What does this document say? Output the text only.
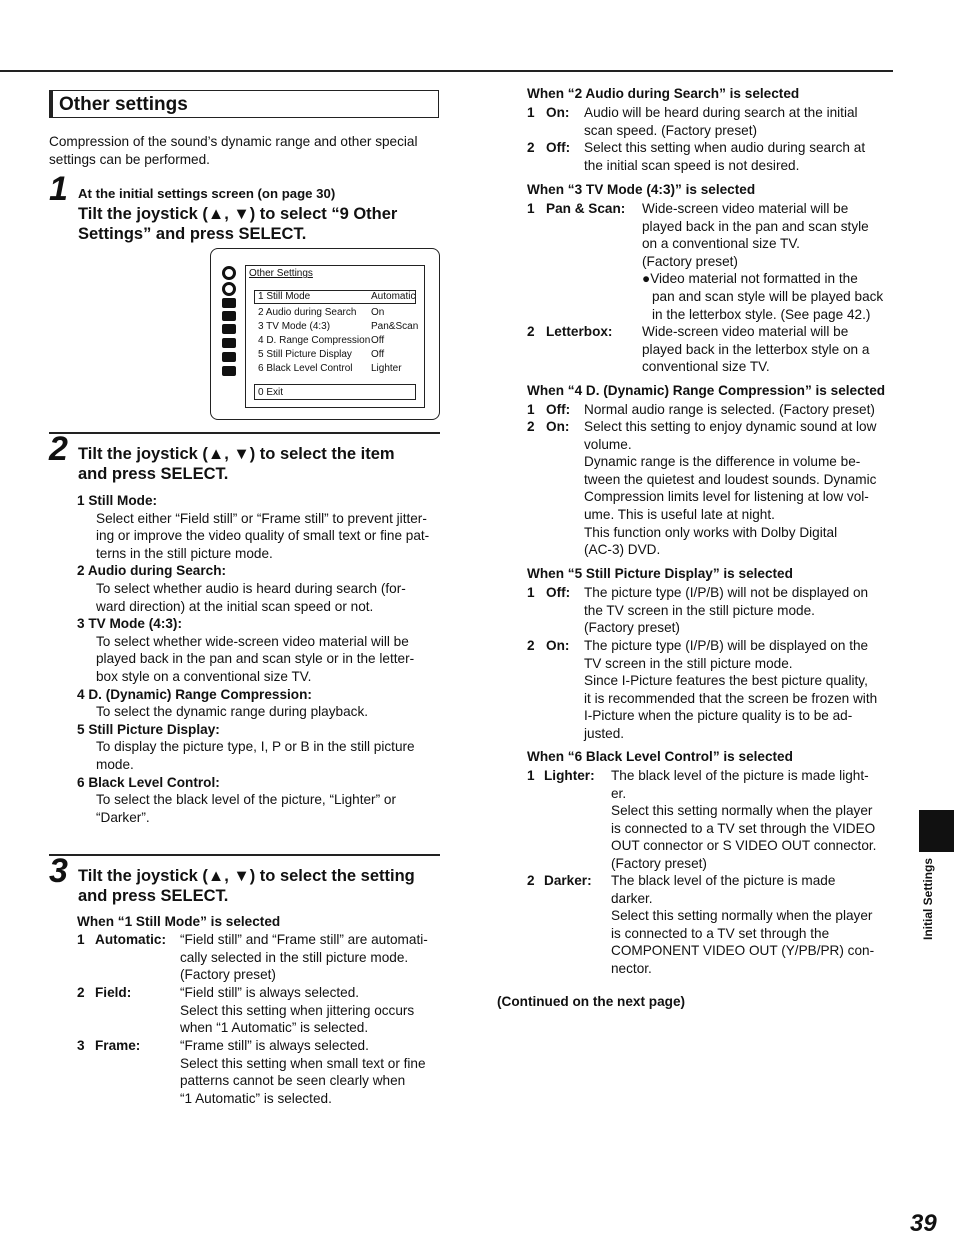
Other settings
Compression of the sound’s dynamic range and other special
settings can be performed.
1 At the initial settings screen (on page 30)
Tilt the joystick (▲, ▼) to select “9 Other
Settings” and press SELECT.
Other Settings
1 Still Mode	Automatic
2 Audio during Search On
3 TV Mode (4:3)	Pan&Scan
4 D. Range Compression Off
5 Still Picture Display Off
6 Black Level Control Lighter
0 Exit
2 Tilt the joystick (▲, ▼) to select the item
and press SELECT.
1 Still Mode:
Select either “Field still” or “Frame still” to prevent jitter-
ing or improve the video quality of small text or fine pat-
terns in the still picture mode.
2 Audio during Search:
To select whether audio is heard during search (for-
ward direction) at the initial scan speed or not.
3 TV Mode (4:3):
To select whether wide-screen video material will be
played back in the pan and scan style or in the letter-
box style on a conventional size TV.
4 D. (Dynamic) Range Compression:
To select the dynamic range during playback.
5 Still Picture Display:
To display the picture type, I, P or B in the still picture
mode.
6 Black Level Control:
To select the black level of the picture, “Lighter” or
“Darker”.
3 Tilt the joystick (▲, ▼) to select the setting
and press SELECT.
When “1 Still Mode” is selected
1 Automatic: “Field still” and “Frame still” are automati-
cally selected in the still picture mode.
(Factory preset)
2 Field:	“Field still” is always selected.
Select this setting when jittering occurs
when “1 Automatic” is selected.
3 Frame:	“Frame still” is always selected.
Select this setting when small text or fine
patterns cannot be seen clearly when
“1 Automatic” is selected.
When “2 Audio during Search” is selected
1 On: Audio will be heard during search at the initial
scan speed. (Factory preset)
2 Off: Select this setting when audio during search at
the initial scan speed is not desired.
When “3 TV Mode (4:3)” is selected
1 Pan & Scan: Wide-screen video material will be
played back in the pan and scan style
on a conventional size TV.
(Factory preset)
●Video material not formatted in the
pan and scan style will be played back
in the letterbox style. (See page 42.)
2 Letterbox: Wide-screen video material will be
played back in the letterbox style on a
conventional size TV.
When “4 D. (Dynamic) Range Compression” is selected
1 Off: Normal audio range is selected. (Factory preset)
2 On: Select this setting to enjoy dynamic sound at low
volume.
Dynamic range is the difference in volume be-
tween the quietest and loudest sounds. Dynamic
Compression limits level for listening at low vol-
ume. This is useful late at night.
This function only works with Dolby Digital
(AC-3) DVD.
When “5 Still Picture Display” is selected
1 Off: The picture type (I/P/B) will not be displayed on
the TV screen in the still picture mode.
(Factory preset)
2 On: The picture type (I/P/B) will be displayed on the
TV screen in the still picture mode.
Since I-Picture features the best picture quality,
it is recommended that the screen be frozen with
I-Picture when the picture quality is to be ad-
justed.
When “6 Black Level Control” is selected
1 Lighter: The black level of the picture is made light-
er.
Select this setting normally when the player
is connected to a TV set through the VIDEO
OUT connector or S VIDEO OUT connector.
(Factory preset)
2 Darker: The black level of the picture is made
darker.
Select this setting normally when the player
is connected to a TV set through the
COMPONENT VIDEO OUT (Y/PB/PR) con-
nector.
(Continued on the next page)
Initial Settings
39
